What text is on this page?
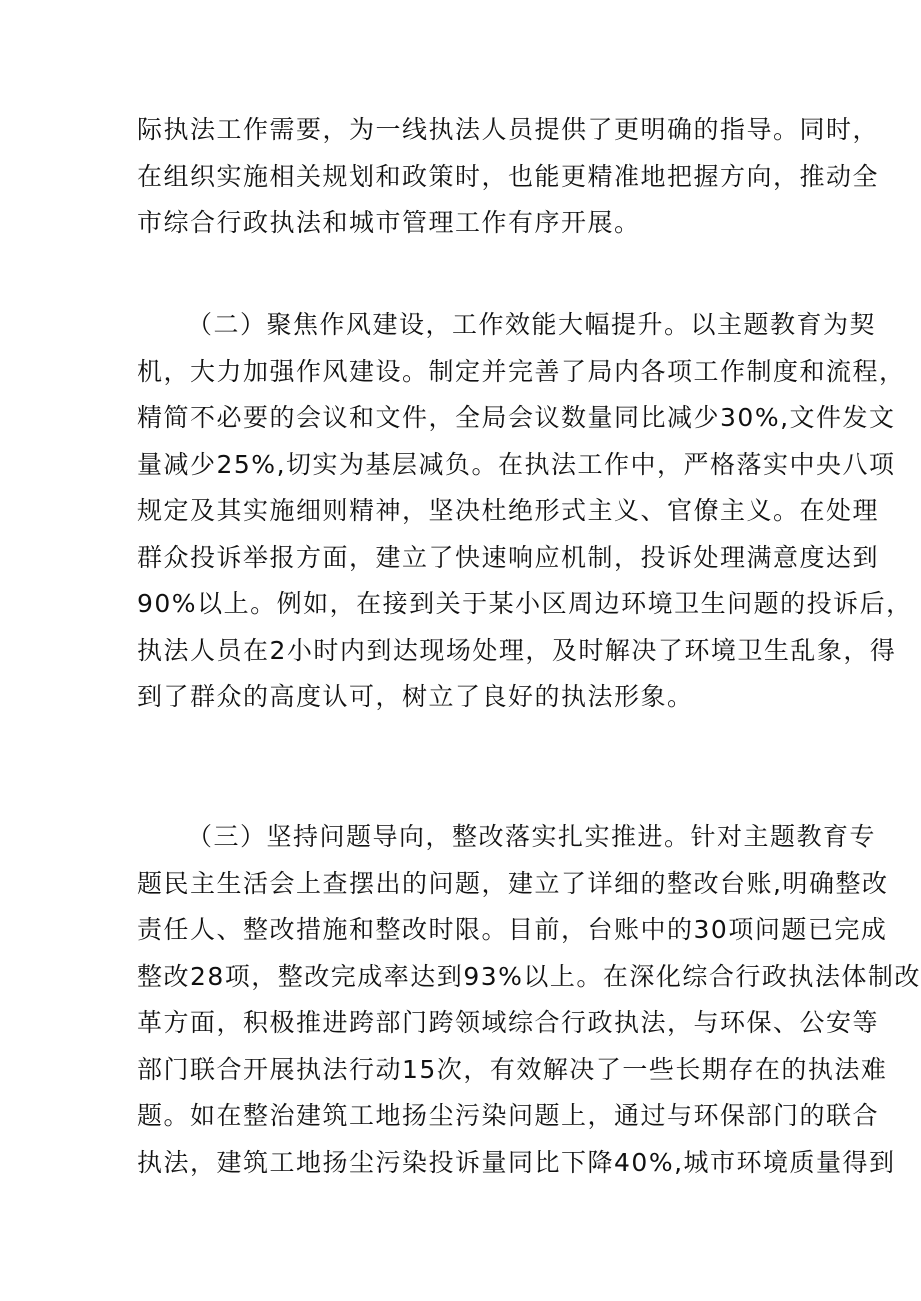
际执法工作需要，为一线执法人员提供了更明确的指导。同时，
在组织实施相关规划和政策时，也能更精准地把握方向，推动全
市综合行政执法和城市管理工作有序开展。
（二）聚焦作风建设，工作效能大幅提升。以主题教育为契
机，大力加强作风建设。制定并完善了局内各项工作制度和流程，
精简不必要的会议和文件，全局会议数量同比减少30%,文件发文
量减少25%,切实为基层减负。在执法工作中，严格落实中央八项
规定及其实施细则精神，坚决杜绝形式主义、官僚主义。在处理
群众投诉举报方面，建立了快速响应机制，投诉处理满意度达到
90%以上。例如，在接到关于某小区周边环境卫生问题的投诉后，
执法人员在2小时内到达现场处理，及时解决了环境卫生乱象，得
到了群众的高度认可，树立了良好的执法形象。
（三）坚持问题导向，整改落实扎实推进。针对主题教育专
题民主生活会上查摆出的问题，建立了详细的整改台账,明确整改
责任人、整改措施和整改时限。目前，台账中的30项问题已完成
整改28项，整改完成率达到93%以上。在深化综合行政执法体制改
革方面，积极推进跨部门跨领域综合行政执法，与环保、公安等
部门联合开展执法行动15次，有效解决了一些长期存在的执法难
题。如在整治建筑工地扬尘污染问题上，通过与环保部门的联合
执法，建筑工地扬尘污染投诉量同比下降40%,城市环境质量得到
